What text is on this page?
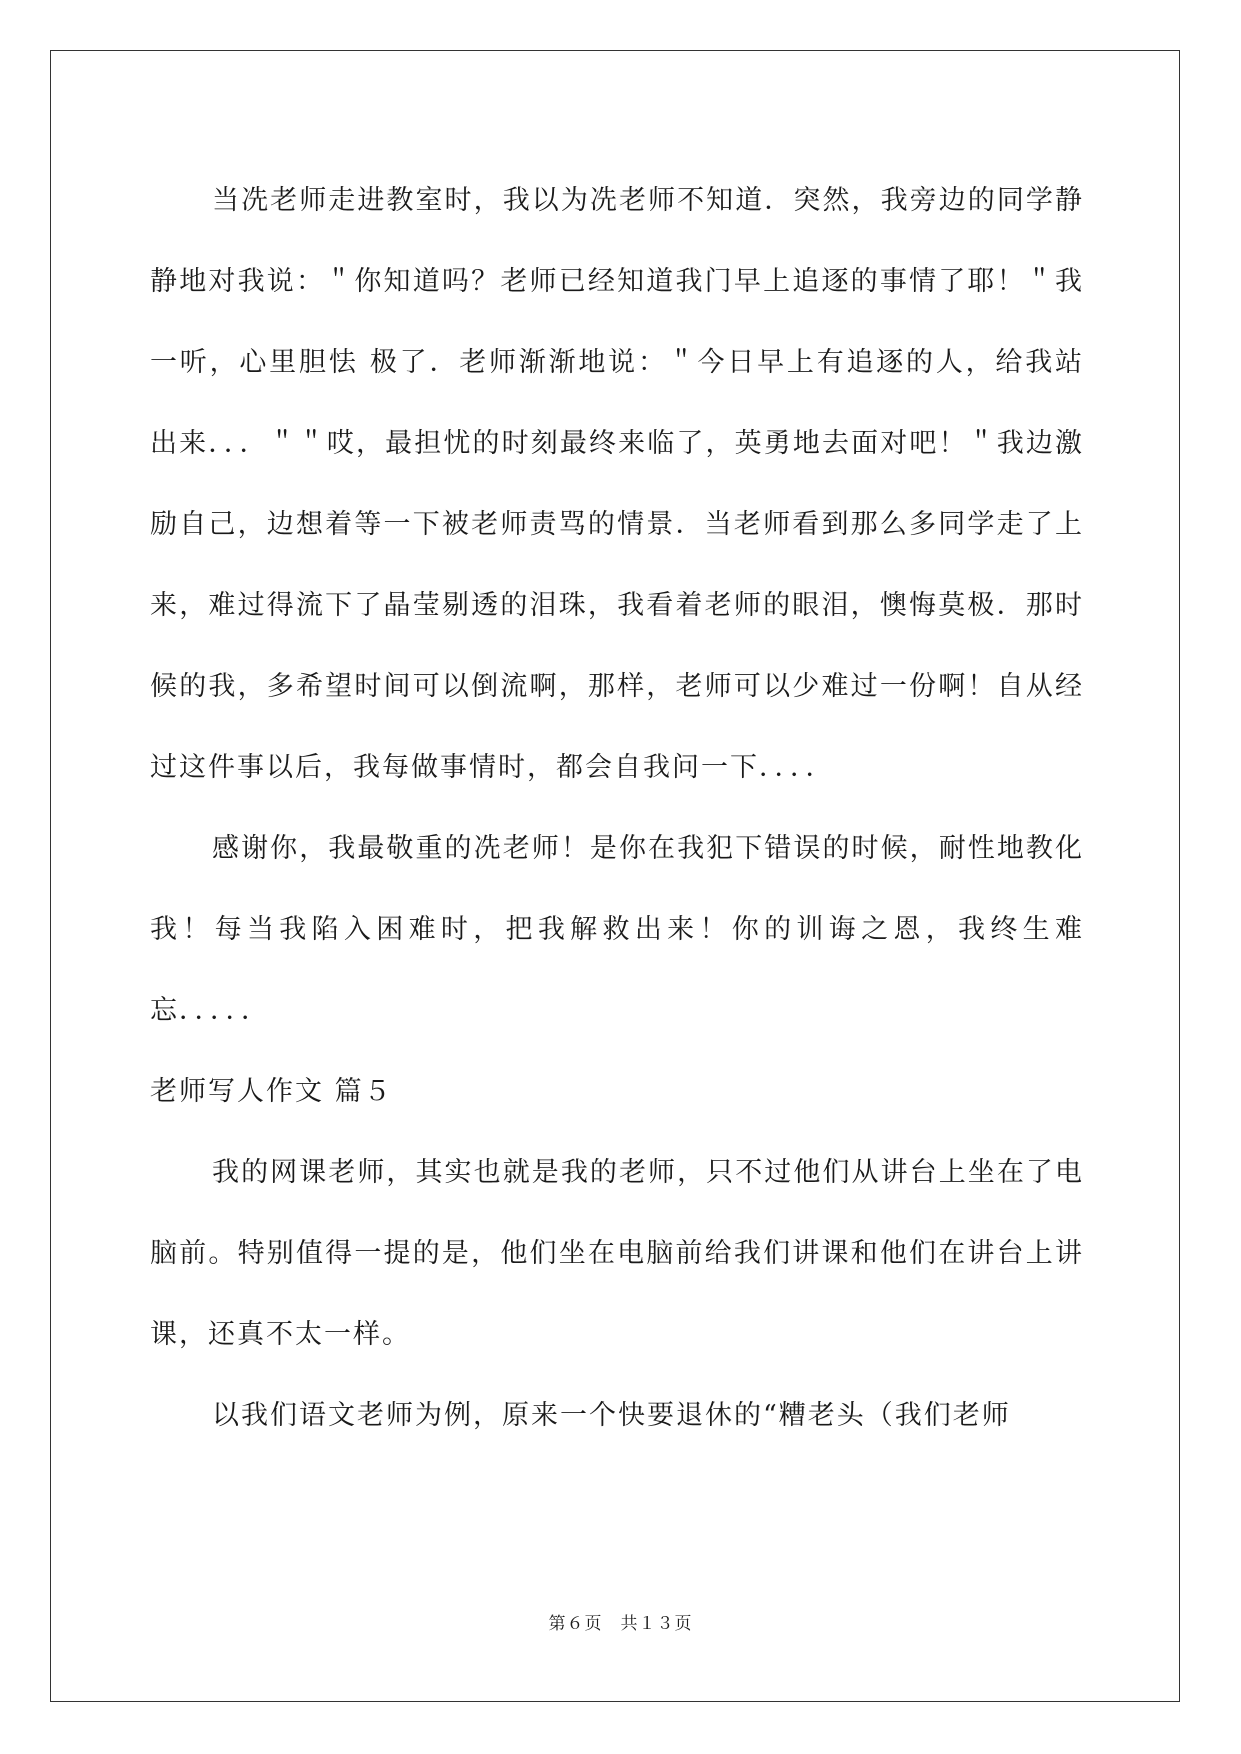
当冼老师走进教室时，我以为冼老师不知道．突然，我旁边的同学静静地对我说：＂你知道吗？老师已经知道我门早上追逐的事情了耶！＂我一听，心里胆怯 极了．老师渐渐地说：＂今日早上有追逐的人，给我站出来．．．＂＂哎，最担忧的时刻最终来临了，英勇地去面对吧！＂我边激励自己，边想着等一下被老师责骂的情景．当老师看到那么多同学走了上来，难过得流下了晶莹剔透的泪珠，我看着老师的眼泪，懊悔莫极．那时候的我，多希望时间可以倒流啊，那样，老师可以少难过一份啊！自从经过这件事以后，我每做事情时，都会自我问一下．．．．

感谢你，我最敬重的冼老师！是你在我犯下错误的时候，耐性地教化我！每当我陷入困难时，把我解救出来！你的训诲之恩，我终生难忘．．．．．

老师写人作文 篇５

我的网课老师，其实也就是我的老师，只不过他们从讲台上坐在了电脑前。特别值得一提的是，他们坐在电脑前给我们讲课和他们在讲台上讲课，还真不太一样。

以我们语文老师为例，原来一个快要退休的“糟老头（我们老师

第６页　共１３页
